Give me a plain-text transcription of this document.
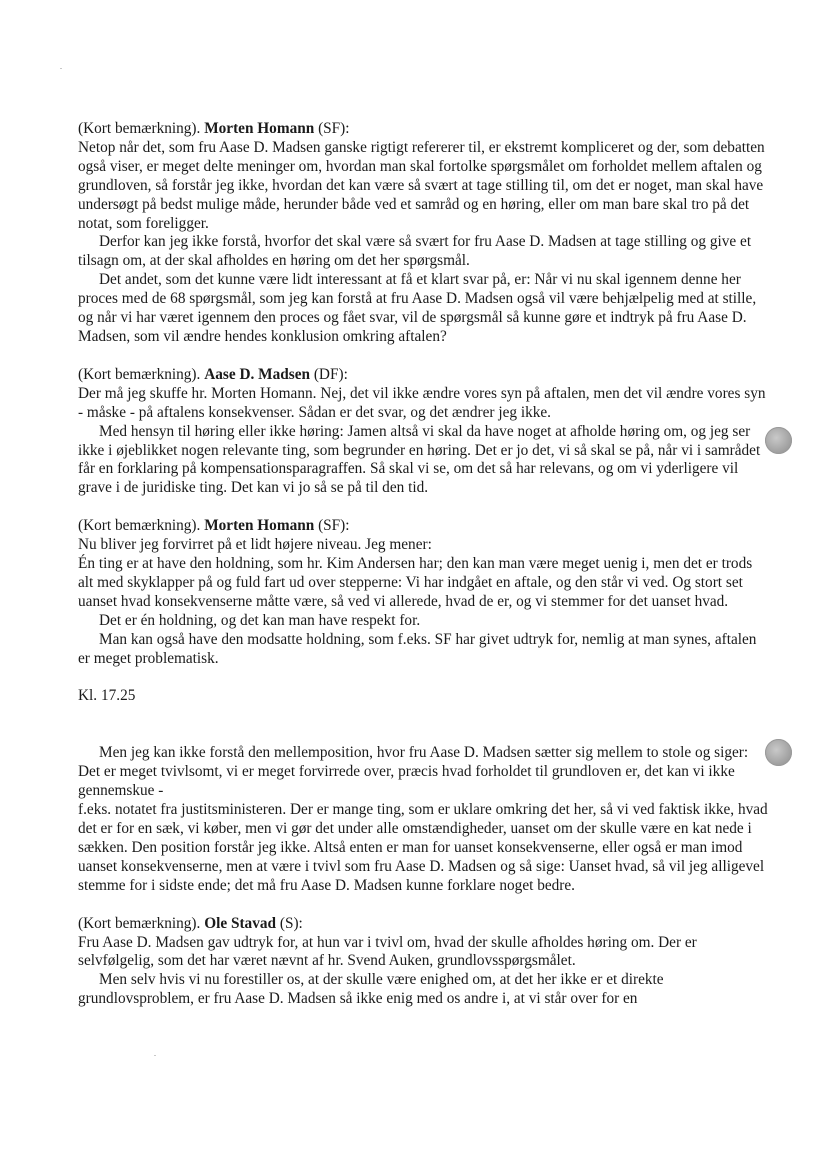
(Kort bemærkning). Morten Homann (SF):

Netop når det, som fru Aase D. Madsen ganske rigtigt refererer til, er ekstremt kompliceret og der, som debatten også viser, er meget delte meninger om, hvordan man skal fortolke spørgsmålet om forholdet mellem aftalen og grundloven, så forstår jeg ikke, hvordan det kan være så svært at tage stilling til, om det er noget, man skal have undersøgt på bedst mulige måde, herunder både ved et samråd og en høring, eller om man bare skal tro på det notat, som foreligger.

Derfor kan jeg ikke forstå, hvorfor det skal være så svært for fru Aase D. Madsen at tage stilling og give et tilsagn om, at der skal afholdes en høring om det her spørgsmål.

Det andet, som det kunne være lidt interessant at få et klart svar på, er: Når vi nu skal igennem denne her proces med de 68 spørgsmål, som jeg kan forstå at fru Aase D. Madsen også vil være behjælpelig med at stille, og når vi har været igennem den proces og fået svar, vil de spørgsmål så kunne gøre et indtryk på fru Aase D. Madsen, som vil ændre hendes konklusion omkring aftalen?

(Kort bemærkning). Aase D. Madsen (DF):

Der må jeg skuffe hr. Morten Homann. Nej, det vil ikke ændre vores syn på aftalen, men det vil ændre vores syn - måske - på aftalens konsekvenser. Sådan er det svar, og det ændrer jeg ikke.

Med hensyn til høring eller ikke høring: Jamen altså vi skal da have noget at afholde høring om, og jeg ser ikke i øjeblikket nogen relevante ting, som begrunder en høring. Det er jo det, vi så skal se på, når vi i samrådet får en forklaring på kompensationsparagraffen. Så skal vi se, om det så har relevans, og om vi yderligere vil grave i de juridiske ting. Det kan vi jo så se på til den tid.

(Kort bemærkning). Morten Homann (SF):

Nu bliver jeg forvirret på et lidt højere niveau. Jeg mener:

Én ting er at have den holdning, som hr. Kim Andersen har; den kan man være meget uenig i, men det er trods alt med skyklapper på og fuld fart ud over stepperne: Vi har indgået en aftale, og den står vi ved. Og stort set uanset hvad konsekvenserne måtte være, så ved vi allerede, hvad de er, og vi stemmer for det uanset hvad.

Det er én holdning, og det kan man have respekt for.

Man kan også have den modsatte holdning, som f.eks. SF har givet udtryk for, nemlig at man synes, aftalen er meget problematisk.

Kl. 17.25

Men jeg kan ikke forstå den mellemposition, hvor fru Aase D. Madsen sætter sig mellem to stole og siger: Det er meget tvivlsomt, vi er meget forvirrede over, præcis hvad forholdet til grundloven er, det kan vi ikke gennemskue -

f.eks. notatet fra justitsministeren. Der er mange ting, som er uklare omkring det her, så vi ved faktisk ikke, hvad det er for en sæk, vi køber, men vi gør det under alle omstændigheder, uanset om der skulle være en kat nede i sækken. Den position forstår jeg ikke. Altså enten er man for uanset konsekvenserne, eller også er man imod uanset konsekvenserne, men at være i tvivl som fru Aase D. Madsen og så sige: Uanset hvad, så vil jeg alligevel stemme for i sidste ende; det må fru Aase D. Madsen kunne forklare noget bedre.

(Kort bemærkning). Ole Stavad (S):

Fru Aase D. Madsen gav udtryk for, at hun var i tvivl om, hvad der skulle afholdes høring om. Der er selvfølgelig, som det har været nævnt af hr. Svend Auken, grundlovsspørgsmålet.

Men selv hvis vi nu forestiller os, at der skulle være enighed om, at det her ikke er et direkte grundlovsproblem, er fru Aase D. Madsen så ikke enig med os andre i, at vi står over for en
